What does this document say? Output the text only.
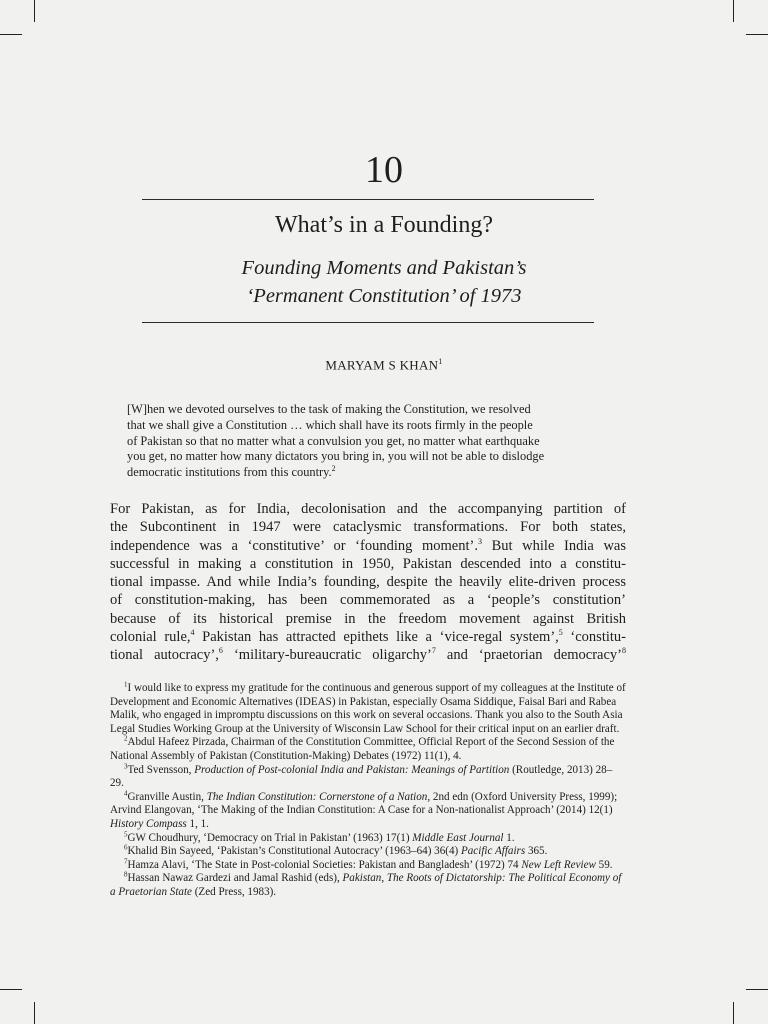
10
What’s in a Founding?
Founding Moments and Pakistan’s
‘Permanent Constitution’ of 1973
MARYAM S KHAN$^1$
[W]hen we devoted ourselves to the task of making the Constitution, we resolved
that we shall give a Constitution … which shall have its roots firmly in the people
of Pakistan so that no matter what a convulsion you get, no matter what earthquake
you get, no matter how many dictators you bring in, you will not be able to dislodge
democratic institutions from this country.$^2$
For Pakistan, as for India, decolonisation and the accompanying partition of
the Subcontinent in 1947 were cataclysmic transformations. For both states,
independence was a ‘constitutive’ or ‘founding moment’.$^3$ But while India was
successful in making a constitution in 1950, Pakistan descended into a constitu-
tional impasse. And while India’s founding, despite the heavily elite-driven process
of constitution-making, has been commemorated as a ‘people’s constitution’
because of its historical premise in the freedom movement against British
colonial rule,$^4$ Pakistan has attracted epithets like a ‘vice-regal system’,$^5$ ‘constitu-
tional autocracy’,$^6$ ‘military-bureaucratic oligarchy’$^7$ and ‘praetorian democracy’$^8$

$^1$I would like to express my gratitude for the continuous and generous support of my colleagues at the Institute of Development and Economic Alternatives (IDEAS) in Pakistan, especially Osama Siddique, Faisal Bari and Rabea Malik, who engaged in impromptu discussions on this work on several occasions. Thank you also to the South Asia Legal Studies Working Group at the University of Wisconsin Law School for their critical input on an earlier draft.

$^2$Abdul Hafeez Pirzada, Chairman of the Constitution Committee, Official Report of the Second Session of the National Assembly of Pakistan (Constitution-Making) Debates (1972) 11(1), 4.

$^3$Ted Svensson, Production of Post-colonial India and Pakistan: Meanings of Partition (Routledge, 2013) 28–29.

$^4$Granville Austin, The Indian Constitution: Cornerstone of a Nation, 2nd edn (Oxford University Press, 1999); Arvind Elangovan, ‘The Making of the Indian Constitution: A Case for a Non-nationalist Approach’ (2014) 12(1) History Compass 1, 1.

$^5$GW Choudhury, ‘Democracy on Trial in Pakistan’ (1963) 17(1) Middle East Journal 1.

$^6$Khalid Bin Sayeed, ‘Pakistan’s Constitutional Autocracy’ (1963–64) 36(4) Pacific Affairs 365.

$^7$Hamza Alavi, ‘The State in Post-colonial Societies: Pakistan and Bangladesh’ (1972) 74 New Left Review 59.

$^8$Hassan Nawaz Gardezi and Jamal Rashid (eds), Pakistan, The Roots of Dictatorship: The Political Economy of a Praetorian State (Zed Press, 1983).
